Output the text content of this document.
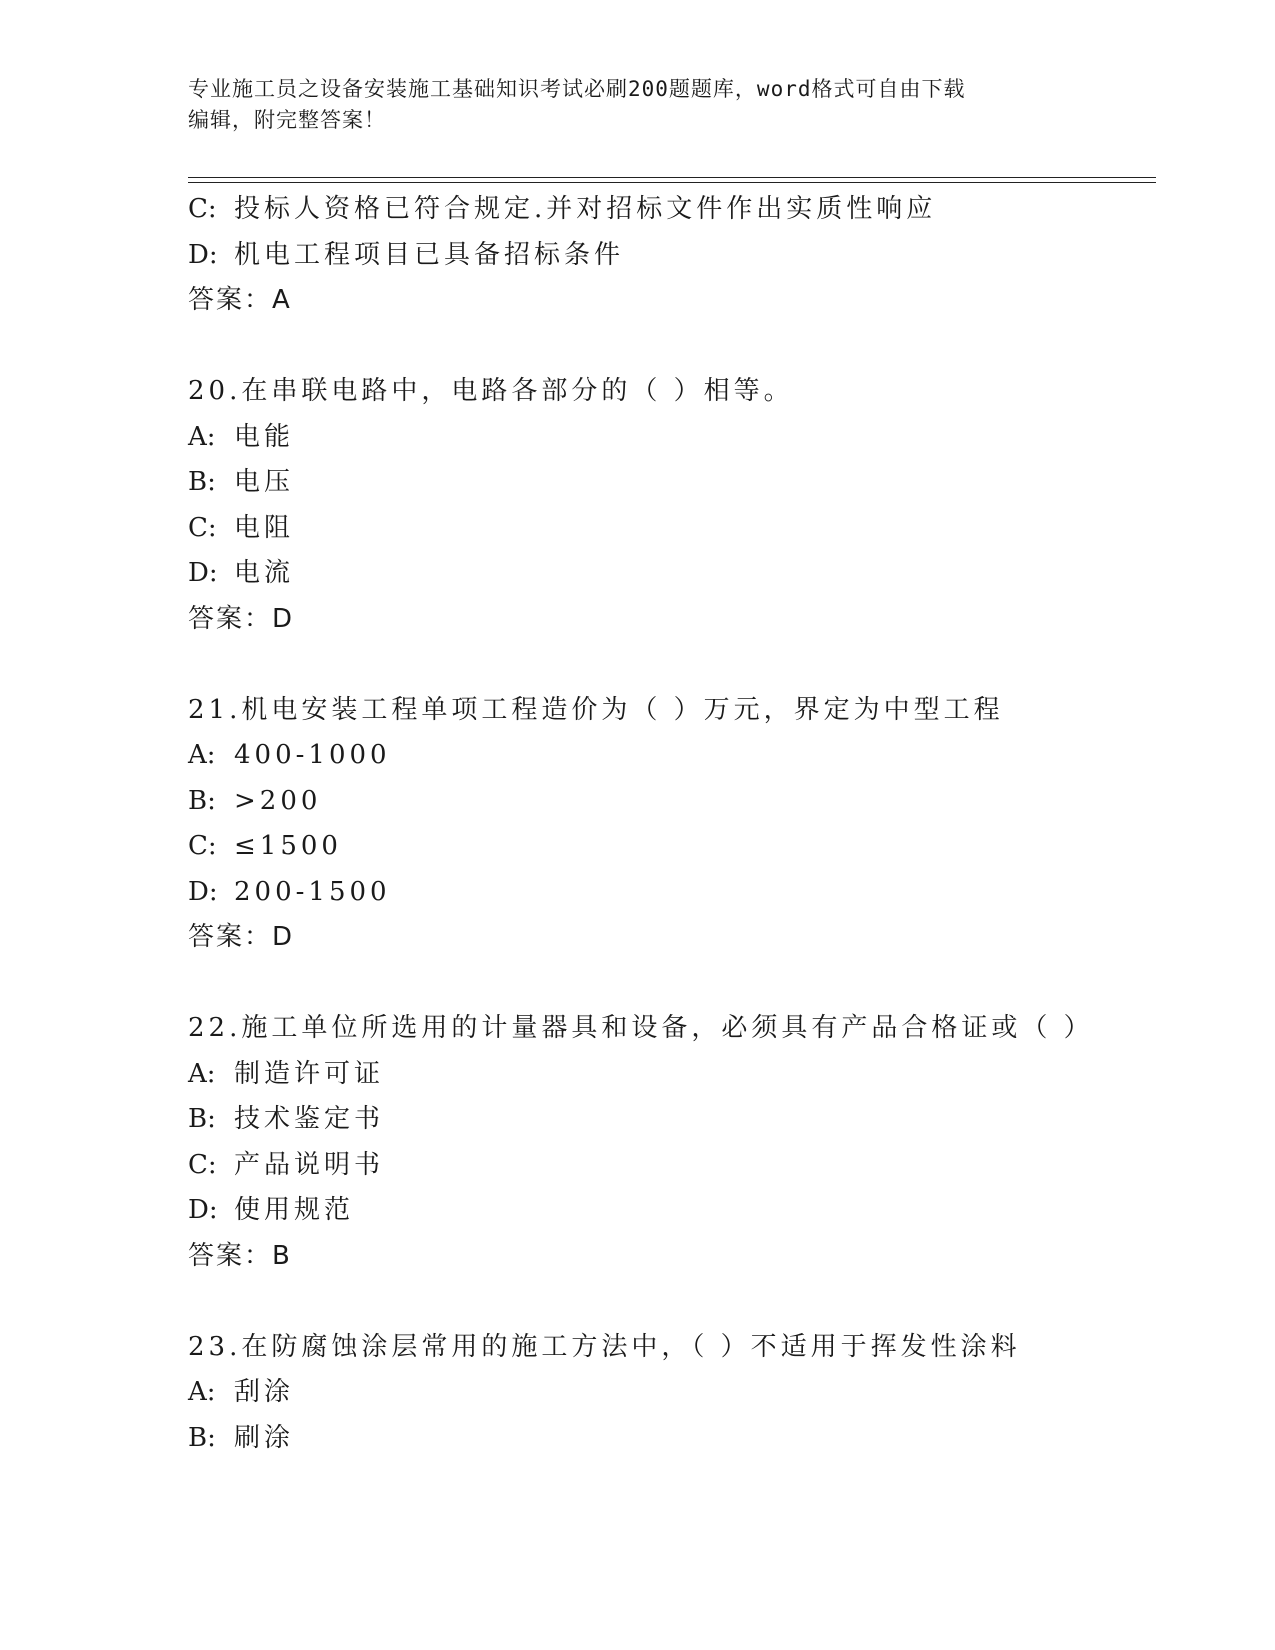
专业施工员之设备安装施工基础知识考试必刷200题题库，word格式可自由下载
编辑，附完整答案！
C: 投标人资格已符合规定.并对招标文件作出实质性响应
D: 机电工程项目已具备招标条件
答案：A
20.在串联电路中，电路各部分的（ ）相等。
A: 电能
B: 电压
C: 电阻
D: 电流
答案：D
21.机电安装工程单项工程造价为（ ）万元，界定为中型工程
A: 400-1000
B: >200
C: ≤1500
D: 200-1500
答案：D
22.施工单位所选用的计量器具和设备，必须具有产品合格证或（ ）
A: 制造许可证
B: 技术鉴定书
C: 产品说明书
D: 使用规范
答案：B
23.在防腐蚀涂层常用的施工方法中，（ ）不适用于挥发性涂料
A: 刮涂
B: 刷涂
